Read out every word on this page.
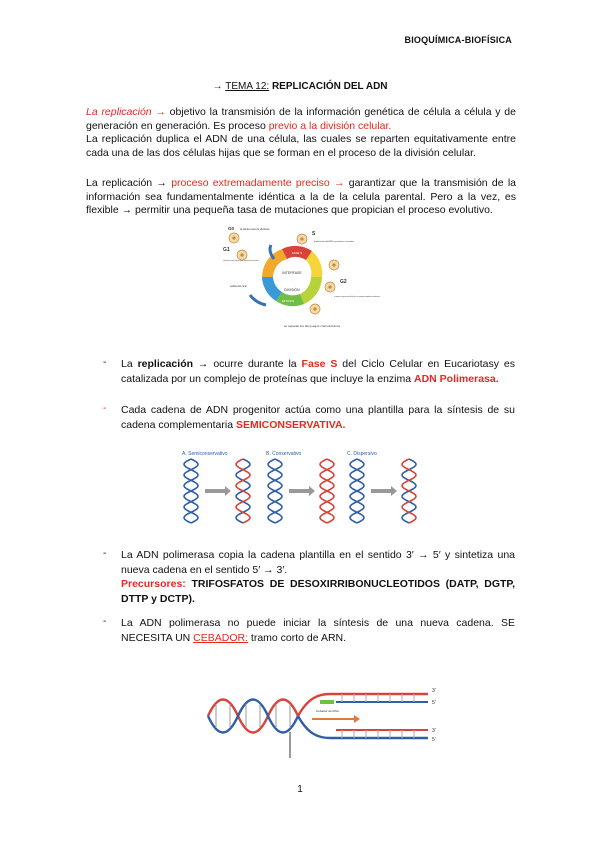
BIOQUÍMICA-BIOFÍSICA
→ TEMA 12: REPLICACIÓN DEL ADN
La replicación → objetivo la transmisión de la información genética de célula a célula y de generación en generación. Es proceso previo a la división celular.
La replicación duplica el ADN de una célula, las cuales se reparten equitativamente entre cada una de las dos células hijas que se forman en el proceso de la división celular.
La replicación → proceso extremadamente preciso → garantizar que la transmisión de la información sea fundamentalmente idéntica a la de la celula parental. Pero a la vez, es flexible → permitir una pequeña tasa de mutaciones que propician el proceso evolutivo.
INTERFASE
DIVISIÓN
FASE S
MITOSIS
G0 la célula cesa de dividirse
G1
salida del ciclo
S
duplicación del ADN y proteínas asociadas
G2
se empieza a preparar para la división; los cromosomas empiezan a condensarse
se separan los dos juegos cromosómicos
- La replicación → ocurre durante la Fase S del Ciclo Celular en Eucariotasy es catalizada por un complejo de proteínas que incluye la enzima ADN Polimerasa.
- Cada cadena de ADN progenitor actúa como una plantilla para la síntesis de su cadena complementaria SEMICONSERVATIVA.
A. Semiconservativo	B. Conservativo	C. Dispersivo
- La ADN polimerasa copia la cadena plantilla en el sentido 3′ → 5′ y sintetiza una nueva cadena en el sentido 5′ → 3′.
Precursores: TRIFOSFATOS DE DESOXIRRIBONUCLEOTIDOS (DATP, DGTP, DTTP y DCTP).
- La ADN polimerasa no puede iniciar la síntesis de una nueva cadena. SE NECESITA UN CEBADOR: tramo corto de ARN.
3'
5'
3'
5'
Cebador de RNA
1
